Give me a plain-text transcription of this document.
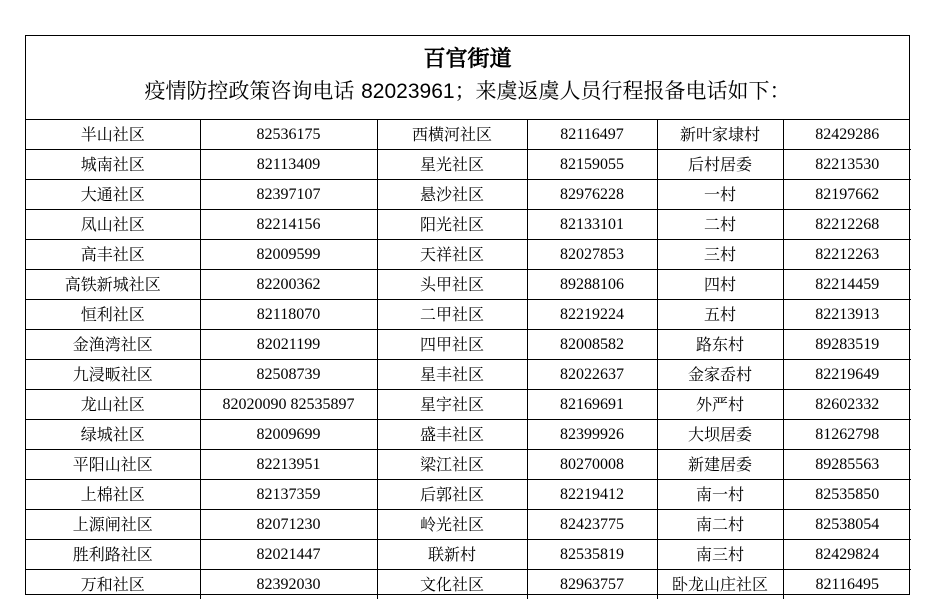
百官街道
疫情防控政策咨询电话 82023961；来虞返虞人员行程报备电话如下：
半山社区	82536175	西横河社区	82116497	新叶家埭村	82429286
城南社区	82113409	星光社区	82159055	后村居委	82213530
大通社区	82397107	悬沙社区	82976228	一村	82197662
凤山社区	82214156	阳光社区	82133101	二村	82212268
高丰社区	82009599	天祥社区	82027853	三村	82212263
高铁新城社区	82200362	头甲社区	89288106	四村	82214459
恒利社区	82118070	二甲社区	82219224	五村	82213913
金渔湾社区	82021199	四甲社区	82008582	路东村	89283519
九浸畈社区	82508739	星丰社区	82022637	金家岙村	82219649
龙山社区	82020090 82535897	星宇社区	82169691	外严村	82602332
绿城社区	82009699	盛丰社区	82399926	大坝居委	81262798
平阳山社区	82213951	梁江社区	80270008	新建居委	89285563
上棉社区	82137359	后郭社区	82219412	南一村	82535850
上源闸社区	82071230	岭光社区	82423775	南二村	82538054
胜利路社区	82021447	联新村	82535819	南三村	82429824
万和社区	82392030	文化社区	82963757	卧龙山庄社区	82116495
